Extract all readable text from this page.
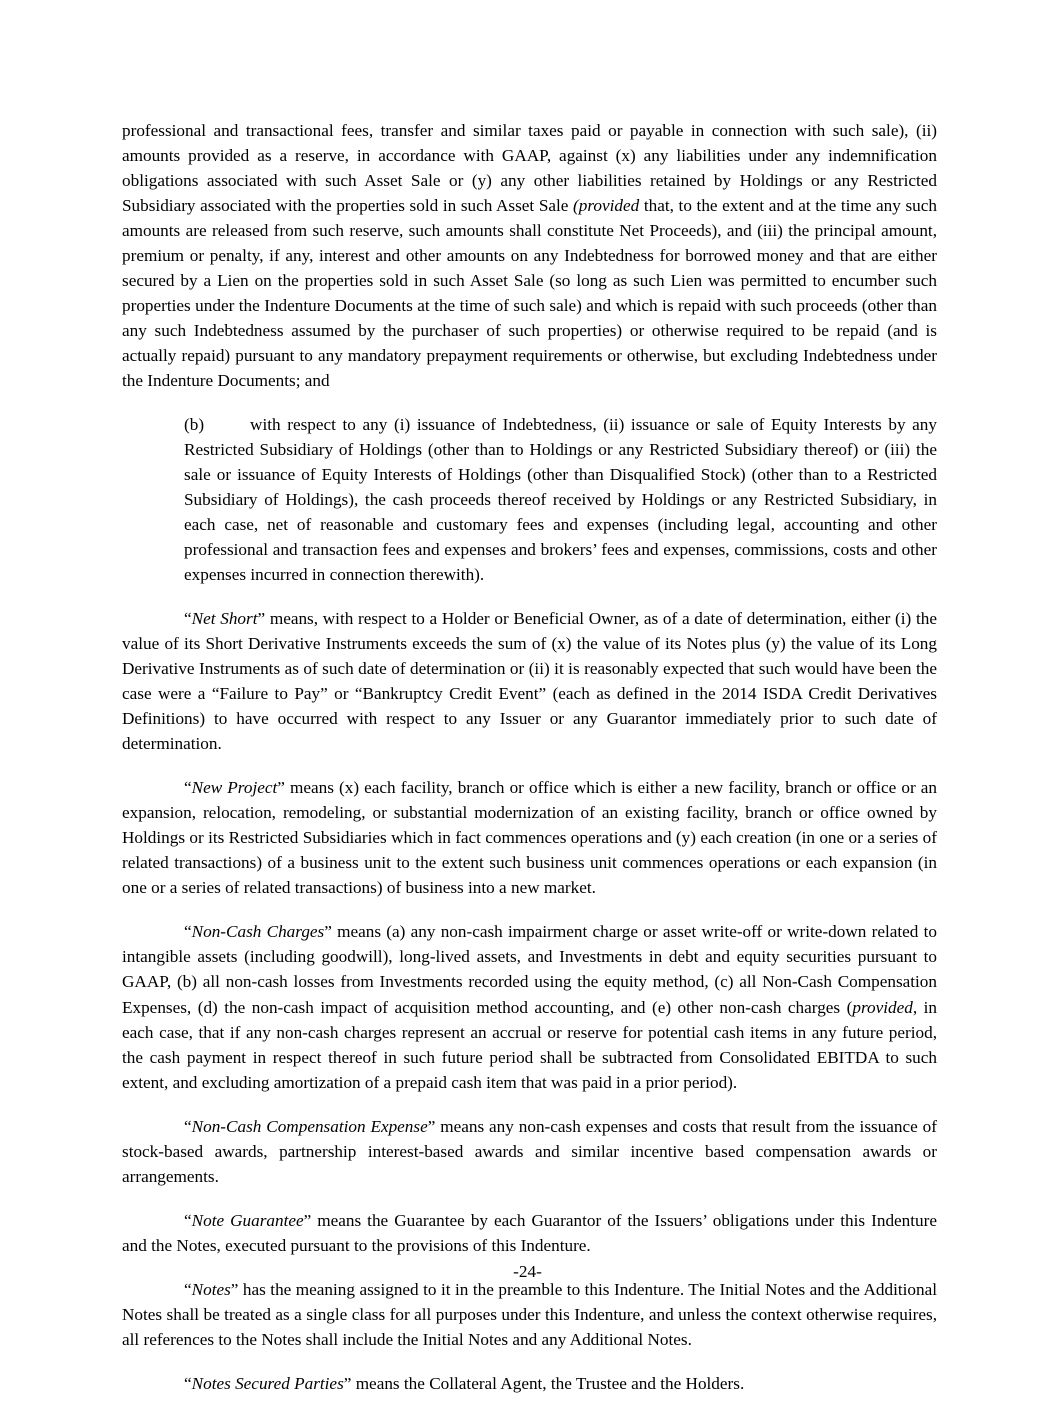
professional and transactional fees, transfer and similar taxes paid or payable in connection with such sale), (ii) amounts provided as a reserve, in accordance with GAAP, against (x) any liabilities under any indemnification obligations associated with such Asset Sale or (y) any other liabilities retained by Holdings or any Restricted Subsidiary associated with the properties sold in such Asset Sale (provided that, to the extent and at the time any such amounts are released from such reserve, such amounts shall constitute Net Proceeds), and (iii) the principal amount, premium or penalty, if any, interest and other amounts on any Indebtedness for borrowed money and that are either secured by a Lien on the properties sold in such Asset Sale (so long as such Lien was permitted to encumber such properties under the Indenture Documents at the time of such sale) and which is repaid with such proceeds (other than any such Indebtedness assumed by the purchaser of such properties) or otherwise required to be repaid (and is actually repaid) pursuant to any mandatory prepayment requirements or otherwise, but excluding Indebtedness under the Indenture Documents; and

(b)	with respect to any (i) issuance of Indebtedness, (ii) issuance or sale of Equity Interests by any Restricted Subsidiary of Holdings (other than to Holdings or any Restricted Subsidiary thereof) or (iii) the sale or issuance of Equity Interests of Holdings (other than Disqualified Stock) (other than to a Restricted Subsidiary of Holdings), the cash proceeds thereof received by Holdings or any Restricted Subsidiary, in each case, net of reasonable and customary fees and expenses (including legal, accounting and other professional and transaction fees and expenses and brokers’ fees and expenses, commissions, costs and other expenses incurred in connection therewith).

“Net Short” means, with respect to a Holder or Beneficial Owner, as of a date of determination, either (i) the value of its Short Derivative Instruments exceeds the sum of (x) the value of its Notes plus (y) the value of its Long Derivative Instruments as of such date of determination or (ii) it is reasonably expected that such would have been the case were a “Failure to Pay” or “Bankruptcy Credit Event” (each as defined in the 2014 ISDA Credit Derivatives Definitions) to have occurred with respect to any Issuer or any Guarantor immediately prior to such date of determination.

“New Project” means (x) each facility, branch or office which is either a new facility, branch or office or an expansion, relocation, remodeling, or substantial modernization of an existing facility, branch or office owned by Holdings or its Restricted Subsidiaries which in fact commences operations and (y) each creation (in one or a series of related transactions) of a business unit to the extent such business unit commences operations or each expansion (in one or a series of related transactions) of business into a new market.

“Non-Cash Charges” means (a) any non-cash impairment charge or asset write-off or write-down related to intangible assets (including goodwill), long-lived assets, and Investments in debt and equity securities pursuant to GAAP, (b) all non-cash losses from Investments recorded using the equity method, (c) all Non-Cash Compensation Expenses, (d) the non-cash impact of acquisition method accounting, and (e) other non-cash charges (provided, in each case, that if any non-cash charges represent an accrual or reserve for potential cash items in any future period, the cash payment in respect thereof in such future period shall be subtracted from Consolidated EBITDA to such extent, and excluding amortization of a prepaid cash item that was paid in a prior period).

“Non-Cash Compensation Expense” means any non-cash expenses and costs that result from the issuance of stock-based awards, partnership interest-based awards and similar incentive based compensation awards or arrangements.

“Note Guarantee” means the Guarantee by each Guarantor of the Issuers’ obligations under this Indenture and the Notes, executed pursuant to the provisions of this Indenture.

“Notes” has the meaning assigned to it in the preamble to this Indenture. The Initial Notes and the Additional Notes shall be treated as a single class for all purposes under this Indenture, and unless the context otherwise requires, all references to the Notes shall include the Initial Notes and any Additional Notes.

“Notes Secured Parties” means the Collateral Agent, the Trustee and the Holders.

-24-
